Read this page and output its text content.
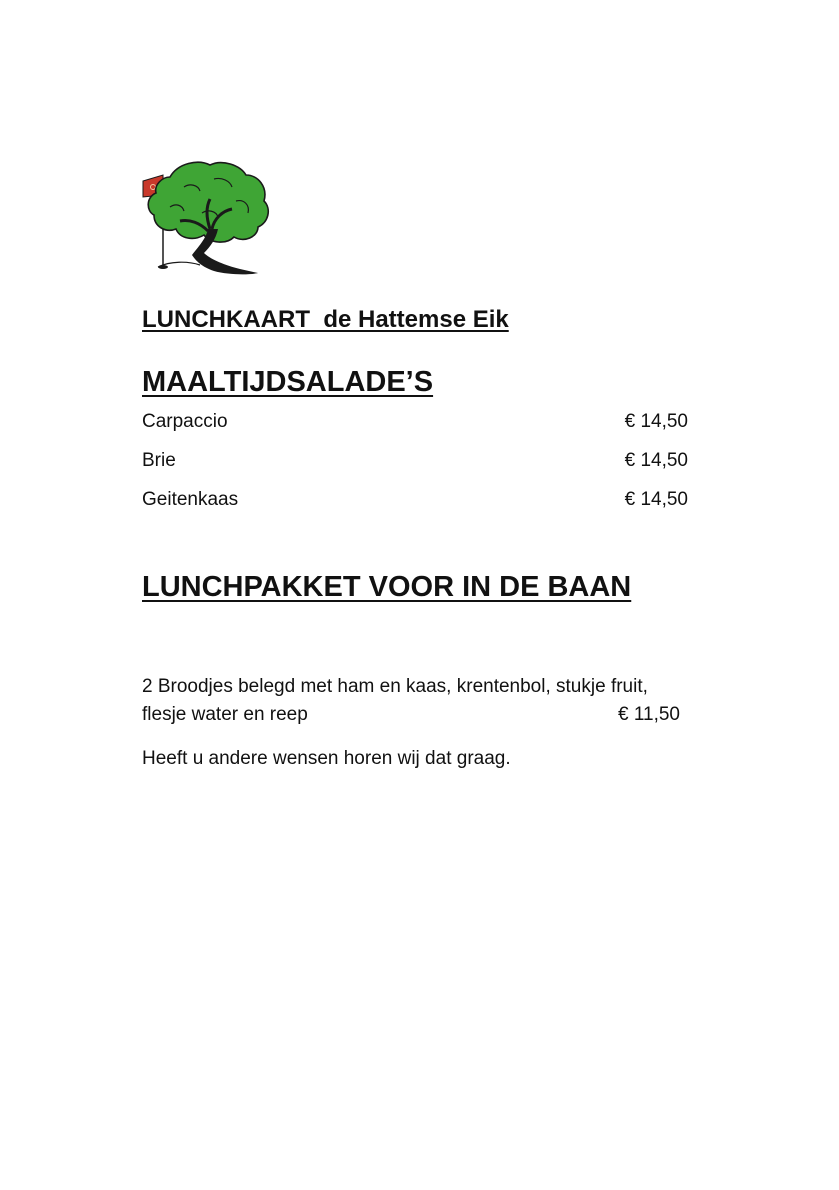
LUNCHKAART  de Hattemse Eik
MAALTIJDSALADE’S
Carpaccio	€ 14,50
Brie	€ 14,50
Geitenkaas	€ 14,50
LUNCHPAKKET VOOR IN DE BAAN
2 Broodjes belegd met ham en kaas, krentenbol, stukje fruit,
flesje water en reep	€ 11,50
Heeft u andere wensen horen wij dat graag.
